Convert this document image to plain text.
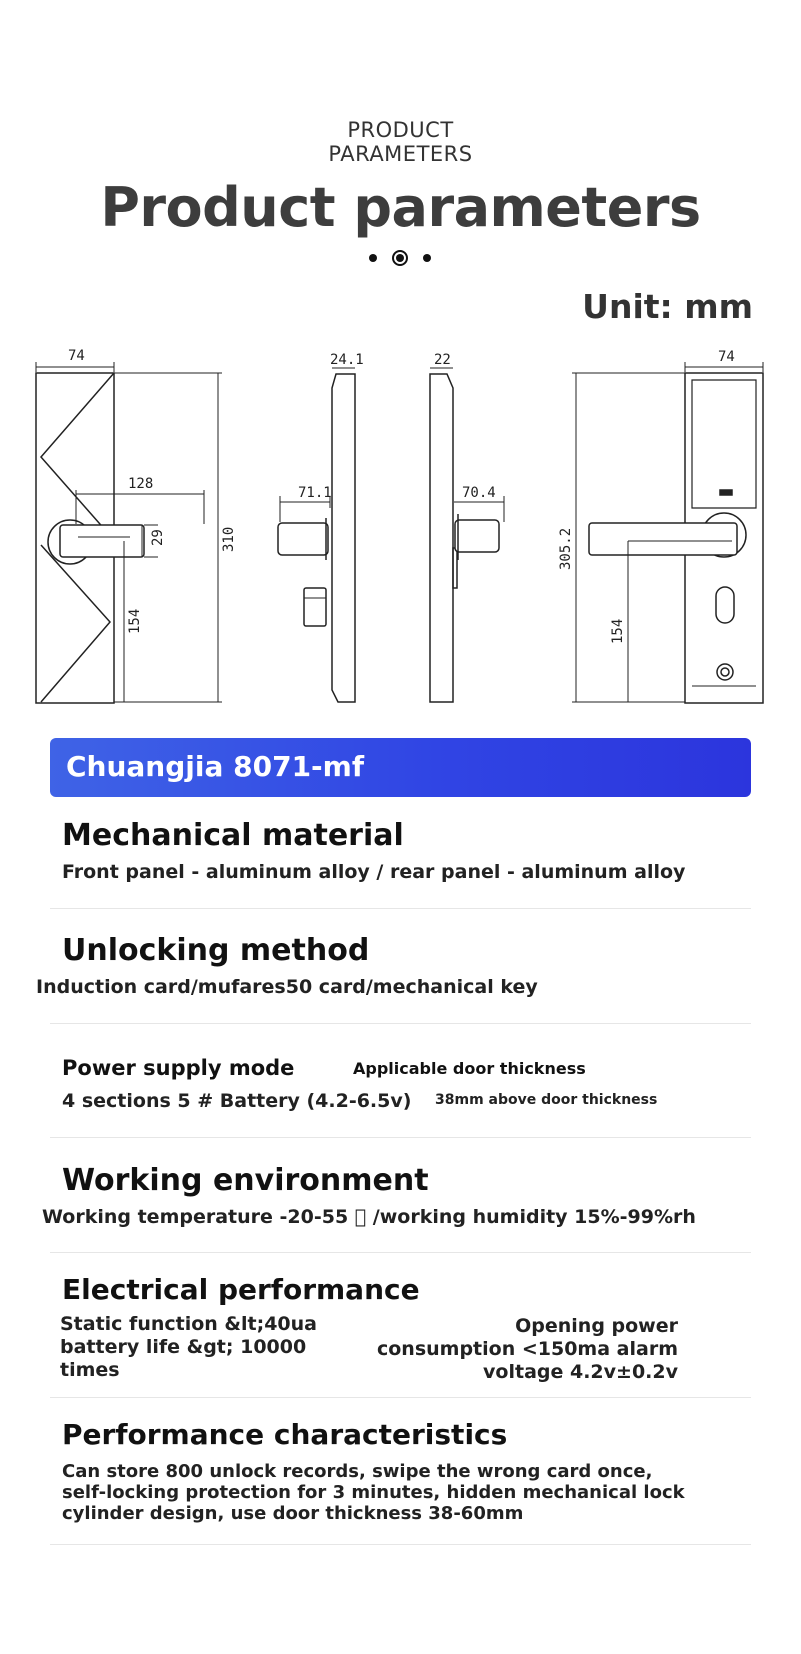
PRODUCT
PARAMETERS
Product parameters
Unit: mm
74
128
29	310
154
24.1
71.1
22
70.4
74
305.2
154
Chuangjia 8071-mf
Mechanical material
Front panel - aluminum alloy / rear panel - aluminum alloy
Unlocking method
Induction card/mufares50 card/mechanical key
Power supply mode
4 sections 5 # Battery (4.2-6.5v)
Applicable door thickness
38mm above door thickness
Working environment
Working temperature -20-55 ⃞ /working humidity 15%-99%rh
Electrical performance
Static function &lt;40ua
battery life &gt; 10000
times
Opening power
consumption <150ma alarm
voltage 4.2v±0.2v
Performance characteristics
Can store 800 unlock records, swipe the wrong card once,
self-locking protection for 3 minutes, hidden mechanical lock
cylinder design, use door thickness 38-60mm
